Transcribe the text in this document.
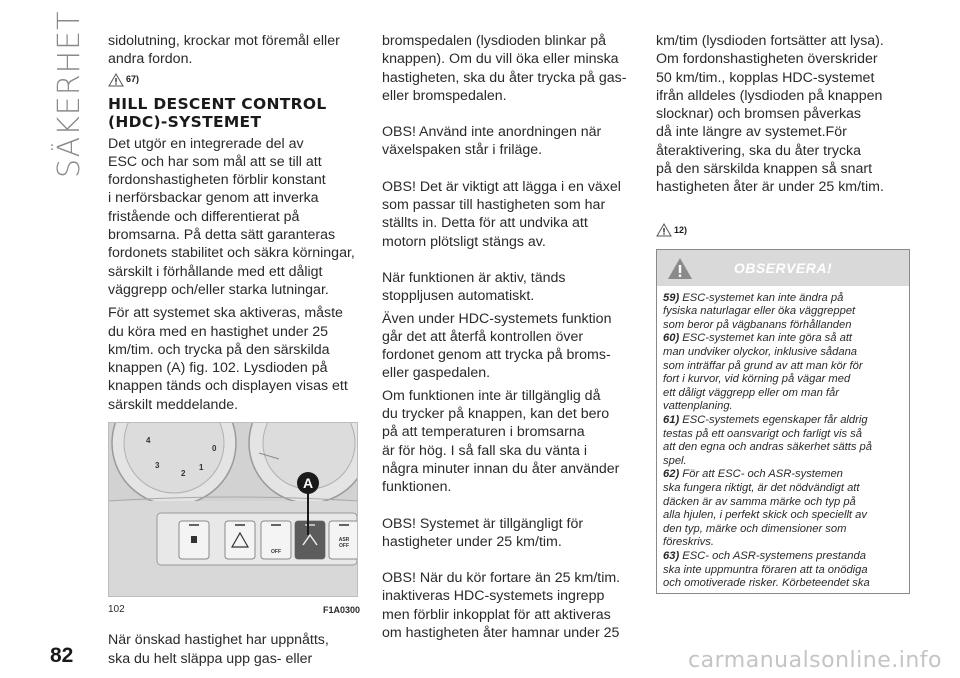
SÄKERHET	sidolutning, krockar mot föremål eller
andra fordon.

67)
HILL DESCENT CONTROL
(HDC)-SYSTEMET

Det utgör en integrerade del av
ESC och har som mål att se till att
fordonshastigheten förblir konstant
i nerförsbackar genom att inverka
fristående och differentierat på
bromsarna. På detta sätt garanteras
fordonets stabilitet och säkra körningar,
särskilt i förhållande med ett dåligt
väggrepp och/eller starka lutningar.

För att systemet ska aktiveras, måste
du köra med en hastighet under 25
km/tim. och trycka på den särskilda
knappen (A) fig. 102. Lysdioden på
knappen tänds och displayen visas ett
särskilt meddelande.

A
4
3
2
1
0
OFF
ASR
OFF
102	F1A0300

När önskad hastighet har uppnåtts,
ska du helt släppa upp gas- eller

bromspedalen (lysdioden blinkar på
knappen). Om du vill öka eller minska
hastigheten, ska du åter trycka på gas-
eller bromspedalen.

OBS! Använd inte anordningen när
växelspaken står i friläge.

OBS! Det är viktigt att lägga i en växel
som passar till hastigheten som har
ställts in. Detta för att undvika att
motorn plötsligt stängs av.

När funktionen är aktiv, tänds
stoppljusen automatiskt.

Även under HDC-systemets funktion
går det att återfå kontrollen över
fordonet genom att trycka på broms-
eller gaspedalen.

Om funktionen inte är tillgänglig då
du trycker på knappen, kan det bero
på att temperaturen i bromsarna
är för hög. I så fall ska du vänta i
några minuter innan du åter använder
funktionen.

OBS! Systemet är tillgängligt för
hastigheter under 25 km/tim.

OBS! När du kör fortare än 25 km/tim.
inaktiveras HDC-systemets ingrepp
men förblir inkopplat för att aktiveras
om hastigheten åter hamnar under 25

km/tim (lysdioden fortsätter att lysa).
Om fordonshastigheten överskrider
50 km/tim., kopplas HDC-systemet
ifrån alldeles (lysdioden på knappen
slocknar) och bromsen påverkas
då inte längre av systemet.För
återaktivering, ska du åter trycka
på den särskilda knappen så snart
hastigheten åter är under 25 km/tim.

12)
OBSERVERA!
59) ESC-systemet kan inte ändra på
fysiska naturlagar eller öka väggreppet
som beror på vägbanans förhållanden
60) ESC-systemet kan inte göra så att
man undviker olyckor, inklusive sådana
som inträffar på grund av att man kör för
fort i kurvor, vid körning på vägar med
ett dåligt väggrepp eller om man får
vattenplaning.
61) ESC-systemets egenskaper får aldrig
testas på ett oansvarigt och farligt vis så
att den egna och andras säkerhet sätts på
spel.
62) För att ESC- och ASR-systemen
ska fungera riktigt, är det nödvändigt att
däcken är av samma märke och typ på
alla hjulen, i perfekt skick och speciellt av
den typ, märke och dimensioner som
föreskrivs.
63) ESC- och ASR-systemens prestanda
ska inte uppmuntra föraren att ta onödiga
och omotiverade risker. Körbeteendet ska
82	carmanualsonline.info
